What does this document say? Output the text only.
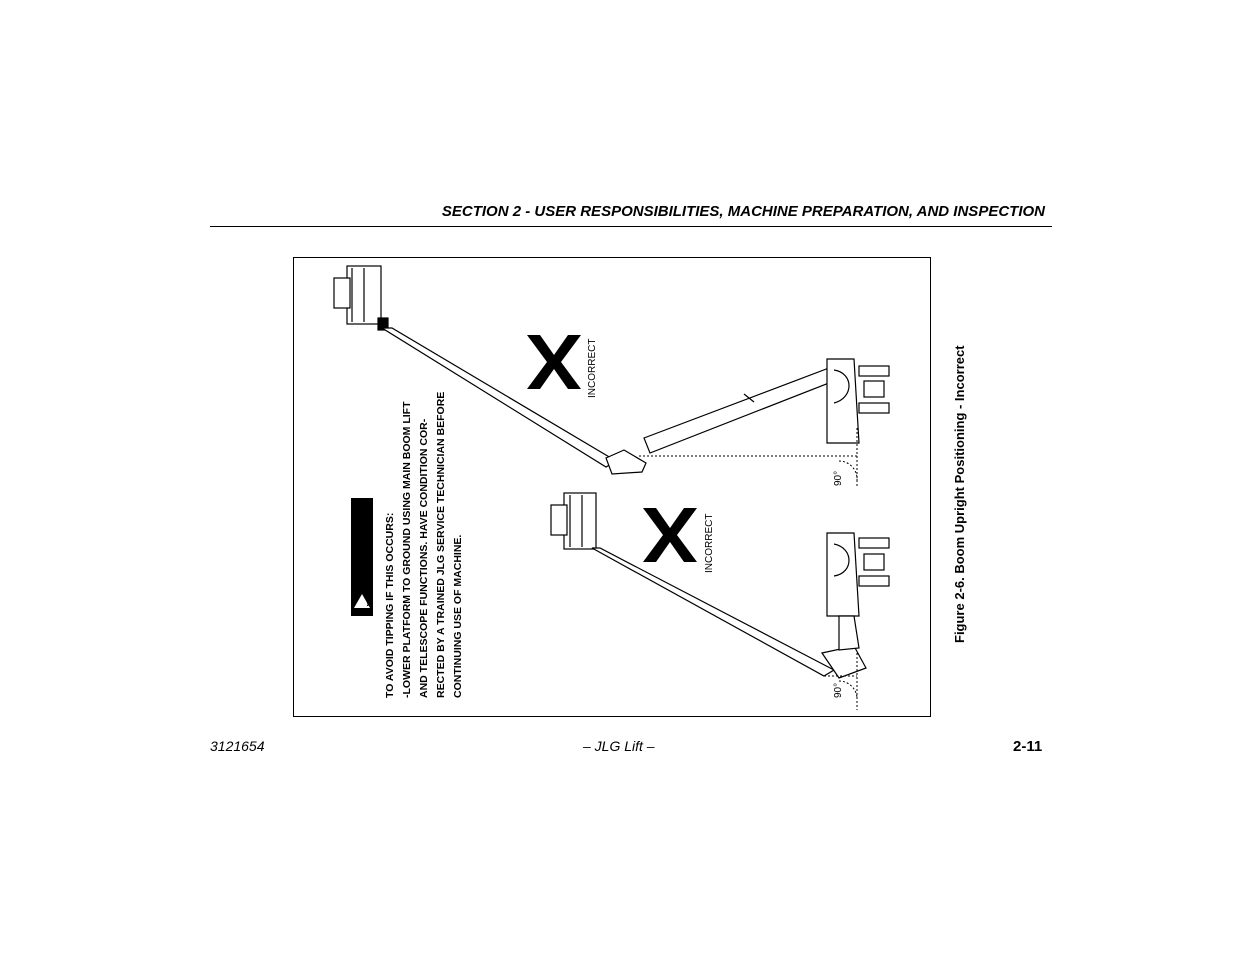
SECTION 2 - USER RESPONSIBILITIES, MACHINE PREPARATION, AND INSPECTION
!
WARNING
TO AVOID TIPPING IF THIS OCCURS: -LOWER PLATFORM TO GROUND USING MAIN BOOM LIFT AND TELESCOPE FUNCTIONS. HAVE CONDITION COR- RECTED BY A TRAINED JLG SERVICE TECHNICIAN BEFORE CONTINUING USE OF MACHINE.
INCORRECT
INCORRECT
90°
90°
Figure 2-6. Boom Upright Positioning - Incorrect
3121654	– JLG Lift –	2-11
